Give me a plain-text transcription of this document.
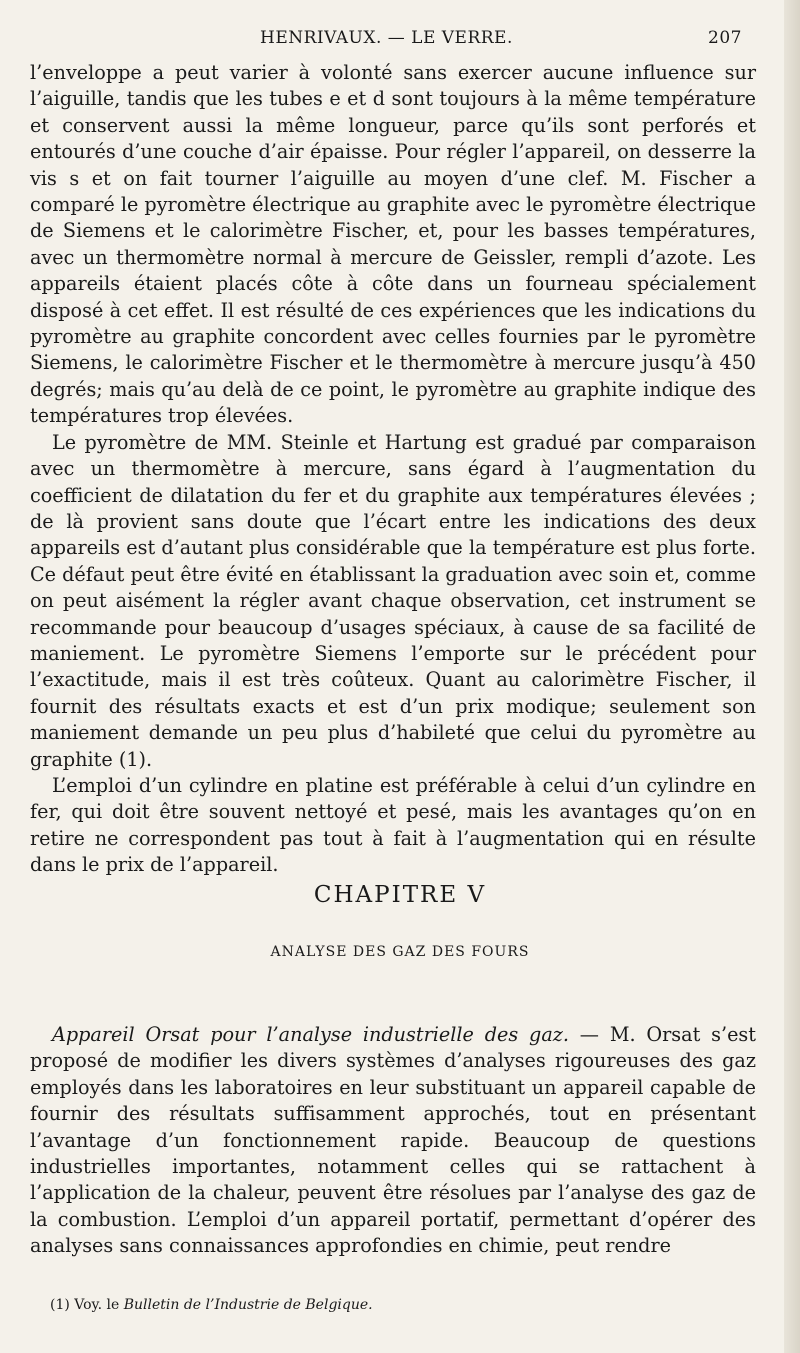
HENRIVAUX. — LE VERRE.	207

l’enveloppe a peut varier à volonté sans exercer aucune influence sur l’aiguille, tandis que les tubes e et d sont toujours à la même température et conservent aussi la même longueur, parce qu’ils sont perforés et entourés d’une couche d’air épaisse. Pour régler l’appareil, on desserre la vis s et on fait tourner l’aiguille au moyen d’une clef. M. Fischer a comparé le pyromètre électrique au graphite avec le pyromètre électrique de Siemens et le calorimètre Fischer, et, pour les basses températures, avec un thermomètre normal à mercure de Geissler, rempli d’azote. Les appareils étaient placés côte à côte dans un fourneau spécialement disposé à cet effet. Il est résulté de ces expériences que les indications du pyromètre au graphite concordent avec celles fournies par le pyromètre Siemens, le calorimètre Fischer et le thermomètre à mercure jusqu’à 450 degrés; mais qu’au delà de ce point, le pyromètre au graphite indique des températures trop élevées.

Le pyromètre de MM. Steinle et Hartung est gradué par comparaison avec un thermomètre à mercure, sans égard à l’augmentation du coefficient de dilatation du fer et du graphite aux températures élevées ; de là provient sans doute que l’écart entre les indications des deux appareils est d’autant plus considérable que la température est plus forte. Ce défaut peut être évité en établissant la graduation avec soin et, comme on peut aisément la régler avant chaque observation, cet instrument se recommande pour beaucoup d’usages spéciaux, à cause de sa facilité de maniement. Le pyromètre Siemens l’emporte sur le précédent pour l’exactitude, mais il est très coûteux. Quant au calorimètre Fischer, il fournit des résultats exacts et est d’un prix modique; seulement son maniement demande un peu plus d’habileté que celui du pyromètre au graphite (1).

L’emploi d’un cylindre en platine est préférable à celui d’un cylindre en fer, qui doit être souvent nettoyé et pesé, mais les avantages qu’on en retire ne correspondent pas tout à fait à l’augmentation qui en résulte dans le prix de l’appareil.

CHAPITRE V
ANALYSE DES GAZ DES FOURS

Appareil Orsat pour l’analyse industrielle des gaz. — M. Orsat s’est proposé de modifier les divers systèmes d’analyses rigoureuses des gaz employés dans les laboratoires en leur substituant un appareil capable de fournir des résultats suffisamment approchés, tout en présentant l’avantage d’un fonctionnement rapide. Beaucoup de questions industrielles importantes, notamment celles qui se rattachent à l’application de la chaleur, peuvent être résolues par l’analyse des gaz de la combustion. L’emploi d’un appareil portatif, permettant d’opérer des analyses sans connaissances approfondies en chimie, peut rendre

(1) Voy. le Bulletin de l’Industrie de Belgique.
